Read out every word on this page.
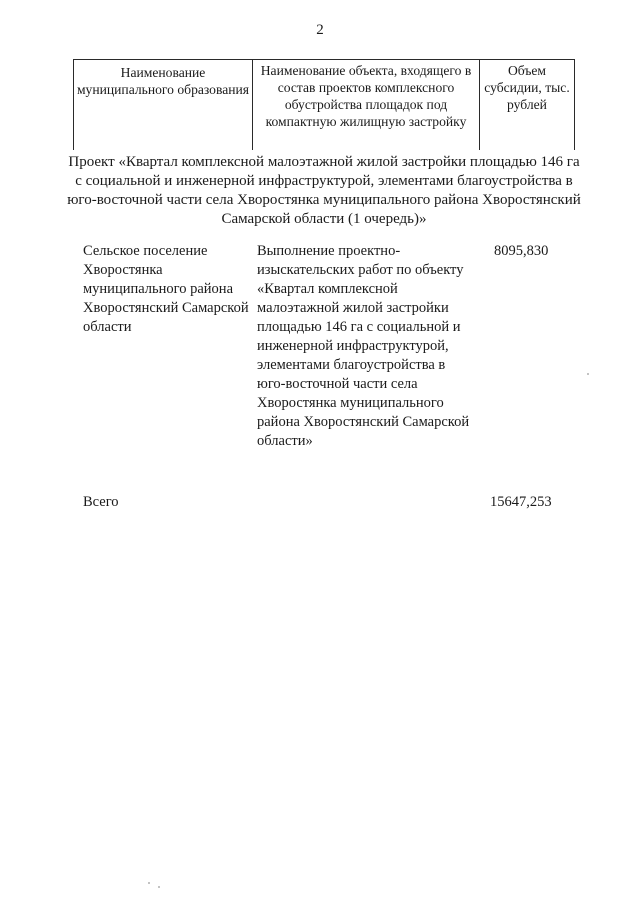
2
Наименование муниципального образования
Наименование объекта, входящего в состав проектов комплексного обустройства площадок под компактную жилищную застройку
Объем субсидии, тыс. рублей
Проект «Квартал комплексной малоэтажной жилой застройки площадью 146 га с социальной и инженерной инфраструктурой, элементами благоустройства в юго-восточной части села Хворостянка муниципального района Хворостянский Самарской области (1 очередь)»
Сельское поселение Хворостянка муниципального района Хворостянский Самарской области
Выполнение проектно-изыскательских работ по объекту «Квартал комплексной малоэтажной жилой застройки площадью 146 га с социальной и инженерной инфраструктурой, элементами благоустройства в юго-восточной части села Хворостянка муниципального района Хворостянский Самарской области»
8095,830
Всего	15647,253
